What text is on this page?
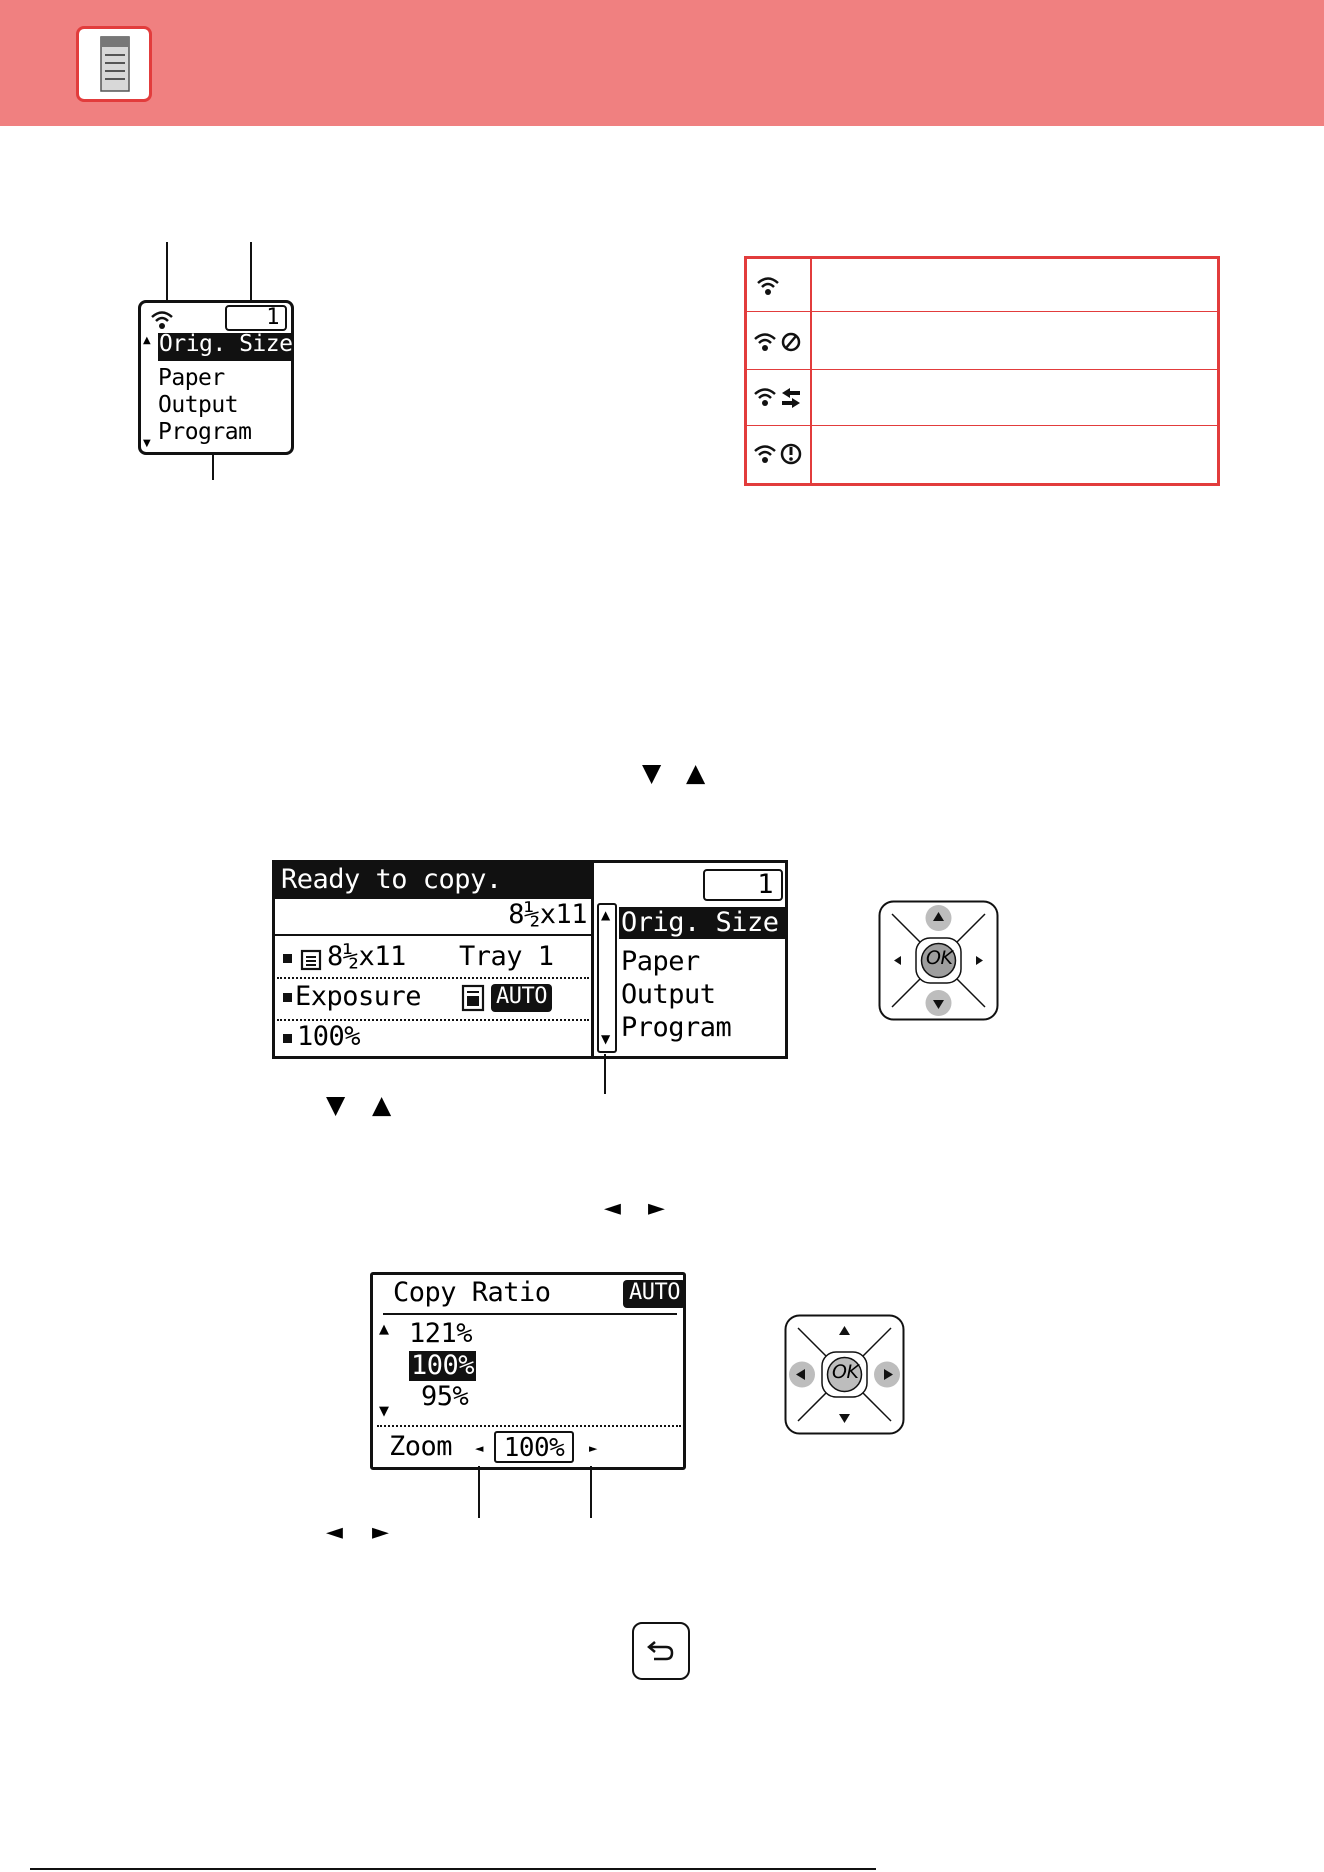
1
▲ Orig. Size
Paper
Output
Program
▼
▼ ▲
Ready to copy.
8½x11
8½x11 Tray 1
Exposure	AUTO
100%
▲
▼
1
Orig. Size
Paper
Output
Program
▼ ▲
OK
◄ ►
Copy Ratio	AUTO
▲ 121%
100%
95%
▼
Zoom ◄ 100%	►
OK
◄ ►
